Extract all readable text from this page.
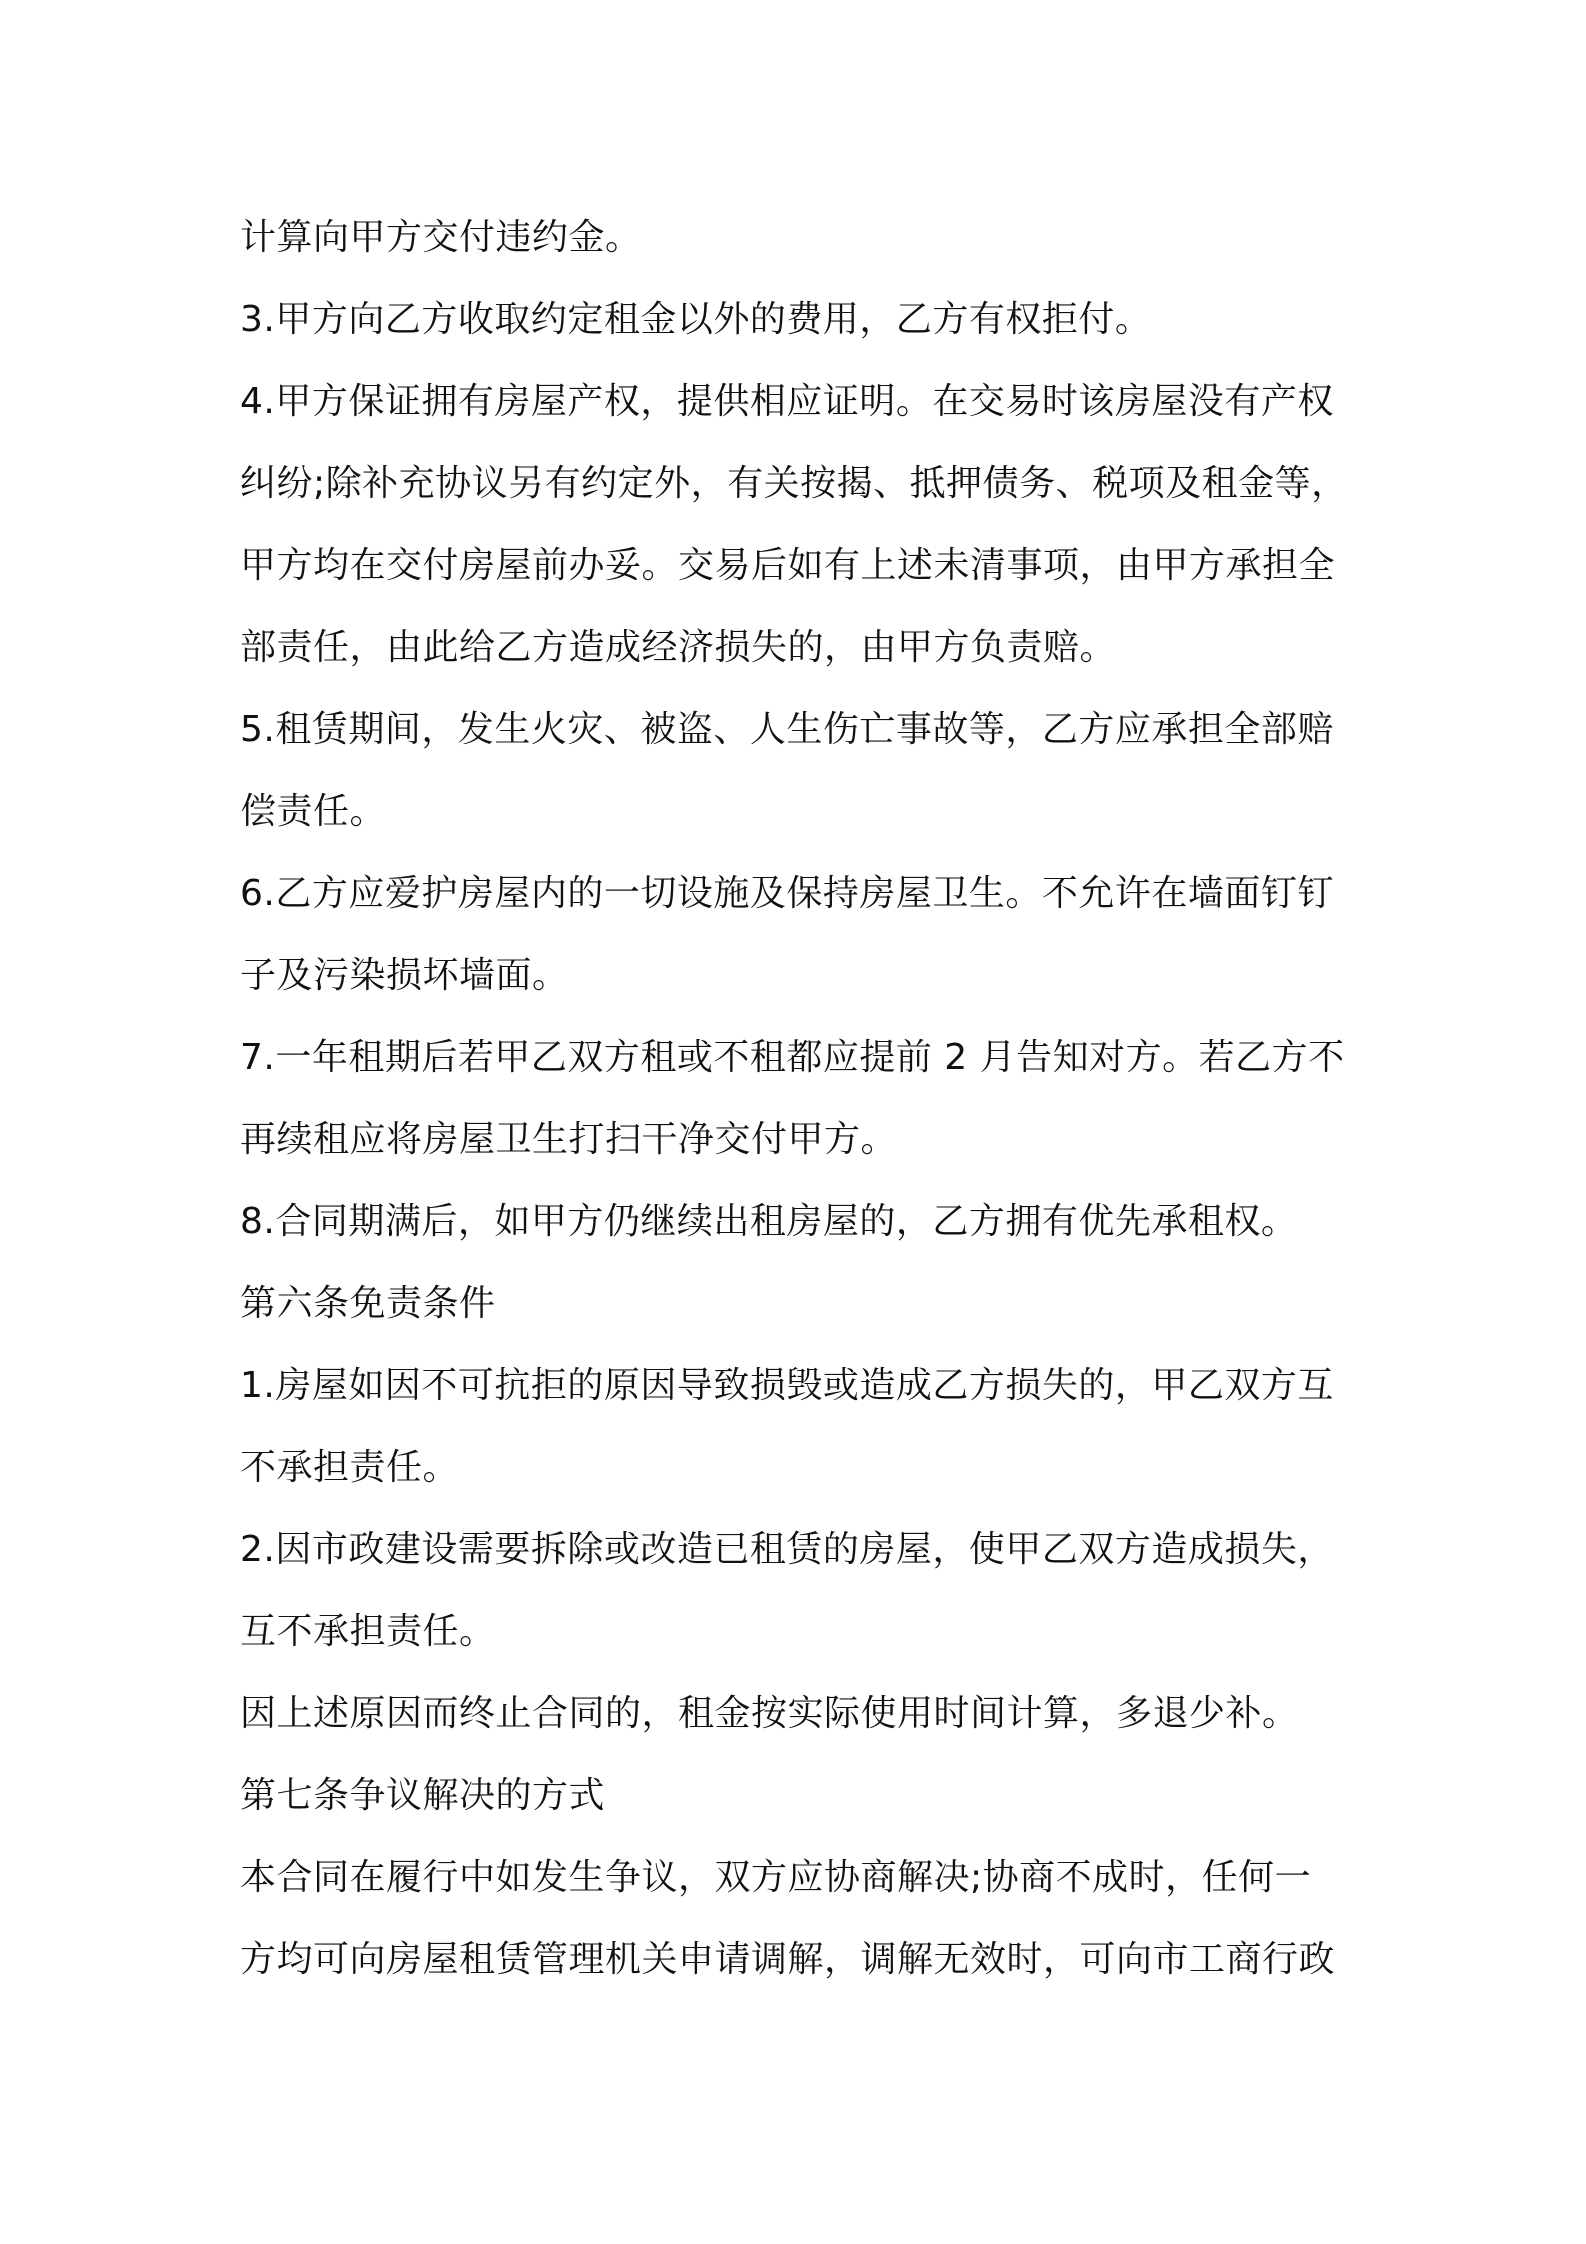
计算向甲方交付违约金。
3.甲方向乙方收取约定租金以外的费用，乙方有权拒付。
4.甲方保证拥有房屋产权，提供相应证明。在交易时该房屋没有产权
纠纷;除补充协议另有约定外，有关按揭、抵押债务、税项及租金等，
甲方均在交付房屋前办妥。交易后如有上述未清事项，由甲方承担全
部责任，由此给乙方造成经济损失的，由甲方负责赔。
5.租赁期间，发生火灾、被盗、人生伤亡事故等，乙方应承担全部赔
偿责任。
6.乙方应爱护房屋内的一切设施及保持房屋卫生。不允许在墙面钉钉
子及污染损坏墙面。
7.一年租期后若甲乙双方租或不租都应提前 2 月告知对方。若乙方不
再续租应将房屋卫生打扫干净交付甲方。
8.合同期满后，如甲方仍继续出租房屋的，乙方拥有优先承租权。
第六条免责条件
1.房屋如因不可抗拒的原因导致损毁或造成乙方损失的，甲乙双方互
不承担责任。
2.因市政建设需要拆除或改造已租赁的房屋，使甲乙双方造成损失，
互不承担责任。
因上述原因而终止合同的，租金按实际使用时间计算，多退少补。
第七条争议解决的方式
本合同在履行中如发生争议，双方应协商解决;协商不成时，任何一
方均可向房屋租赁管理机关申请调解，调解无效时，可向市工商行政
